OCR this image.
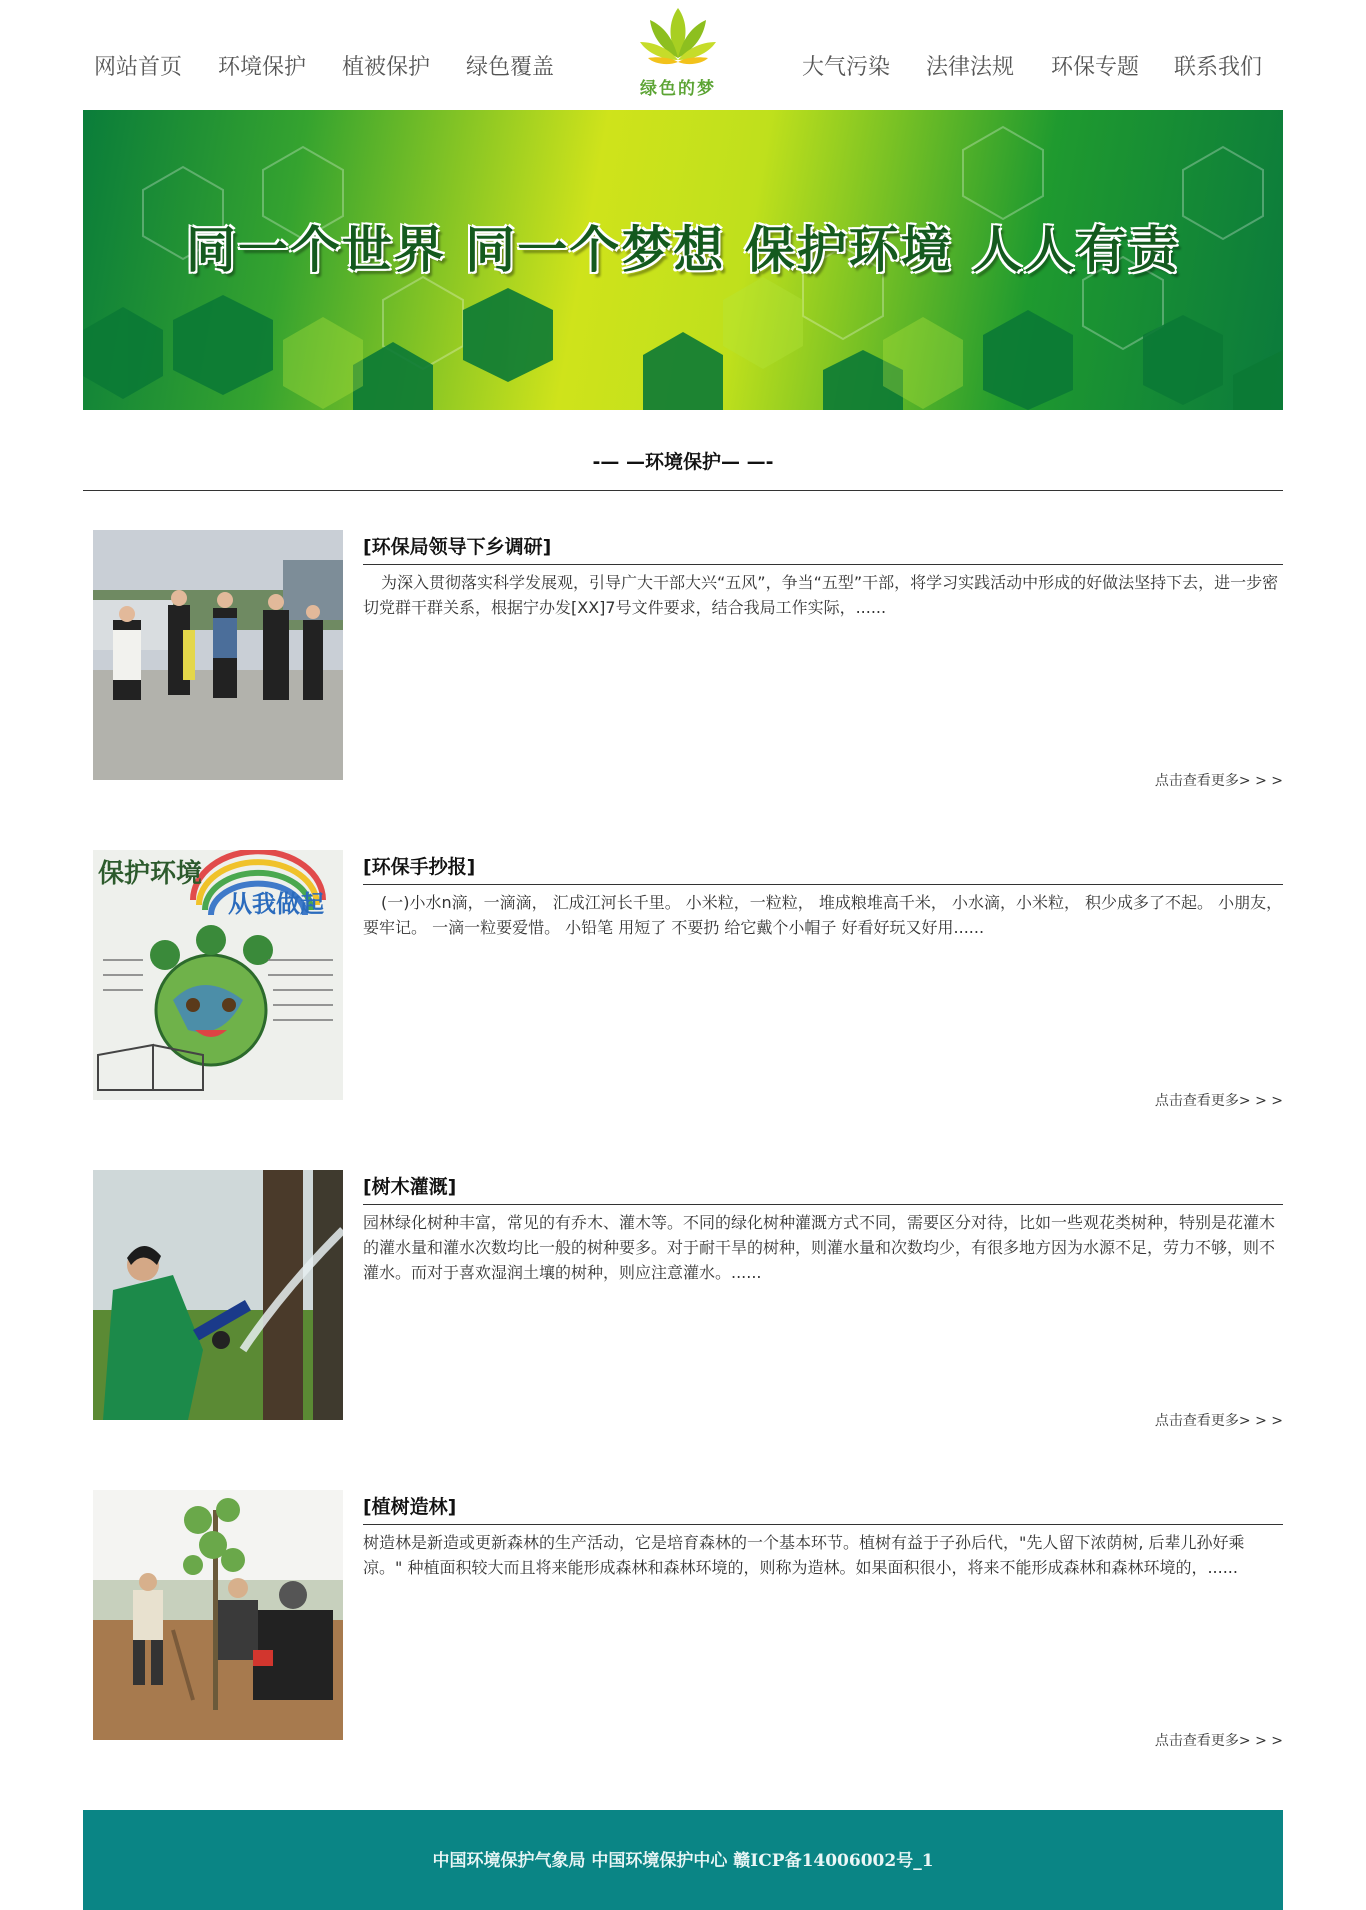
网站首页 环境保护 植被保护 绿色覆盖	大气污染 法律法规 环保专题 联系我们
绿色的梦
同一个世界 同一个梦想 保护环境 人人有责
-— —环境保护— —-
[环保局领导下乡调研]
为深入贯彻落实科学发展观，引导广大干部大兴“五风”，争当“五型”干部，将学习实践活动中形成的好做法坚持下去，进一步密切党群干群关系，根据宁办发[XX]7号文件要求，结合我局工作实际，......
点击查看更多> > >
保护环境
从我做起
[环保手抄报]
(一)小水n滴，一滴滴， 汇成江河长千里。 小米粒，一粒粒， 堆成粮堆高千米， 小水滴，小米粒， 积少成多了不起。 小朋友，要牢记。 一滴一粒要爱惜。 小铅笔 用短了 不要扔 给它戴个小帽子 好看好玩又好用......
点击查看更多> > >
[树木灌溉]
园林绿化树种丰富，常见的有乔木、灌木等。不同的绿化树种灌溉方式不同，需要区分对待，比如一些观花类树种，特别是花灌木的灌水量和灌水次数均比一般的树种要多。对于耐干旱的树种，则灌水量和次数均少，有很多地方因为水源不足，劳力不够，则不灌水。而对于喜欢湿润土壤的树种，则应注意灌水。......
点击查看更多> > >
[植树造林]
树造林是新造或更新森林的生产活动，它是培育森林的一个基本环节。植树有益于子孙后代，"先人留下浓荫树, 后辈儿孙好乘凉。" 种植面积较大而且将来能形成森林和森林环境的，则称为造林。如果面积很小，将来不能形成森林和森林环境的，......
点击查看更多> > >
中国环境保护气象局 中国环境保护中心 赣ICP备14006002号_1
